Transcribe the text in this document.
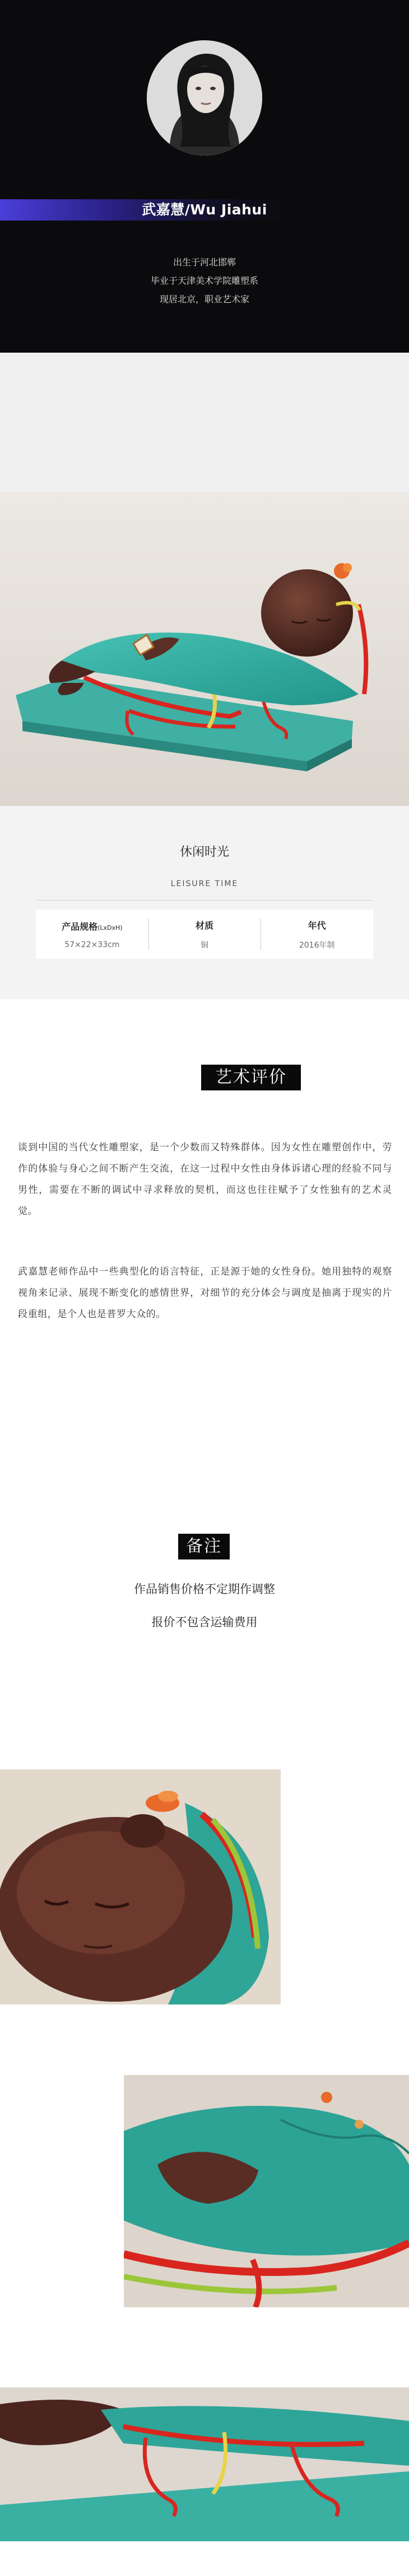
武嘉慧/Wu Jiahui
出生于河北邯郸
毕业于天津美术学院雕塑系
现居北京，职业艺术家
休闲时光
LEISURE TIME
产品规格(LxDxH)
57×22×33cm
材质
铜
年代
2016年制
艺术评价

谈到中国的当代女性雕塑家，是一个少数而又特殊群体。因为女性在雕塑创作中，劳作的体验与身心之间不断产生交流，在这一过程中女性由身体诉诸心理的经验不同与男性，需要在不断的调试中寻求释放的契机，而这也往往赋予了女性独有的艺术灵觉。

武嘉慧老师作品中一些典型化的语言特征，正是源于她的女性身份。她用独特的观察视角来记录、展现不断变化的感情世界，对细节的充分体会与调度是抽离于现实的片段重组，是个人也是普罗大众的。

备注
作品销售价格不定期作调整
报价不包含运输费用
